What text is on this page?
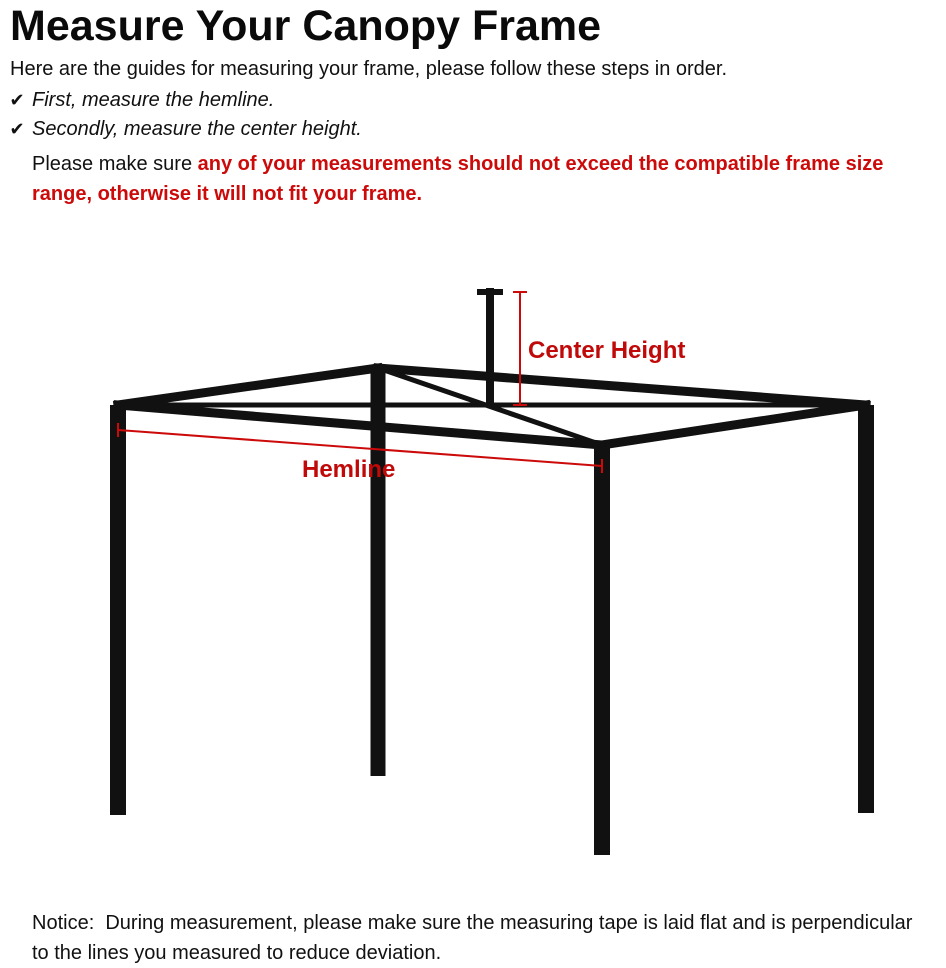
Measure Your Canopy Frame
Here are the guides for measuring your frame, please follow these steps in order.
✔ First, measure the hemline.
✔ Secondly, measure the center height.
Please make sure any of your measurements should not exceed the compatible frame size range, otherwise it will not fit your frame.
Center Height
Hemline
Notice:  During measurement, please make sure the measuring tape is laid flat and is perpendicular to the lines you measured to reduce deviation.
